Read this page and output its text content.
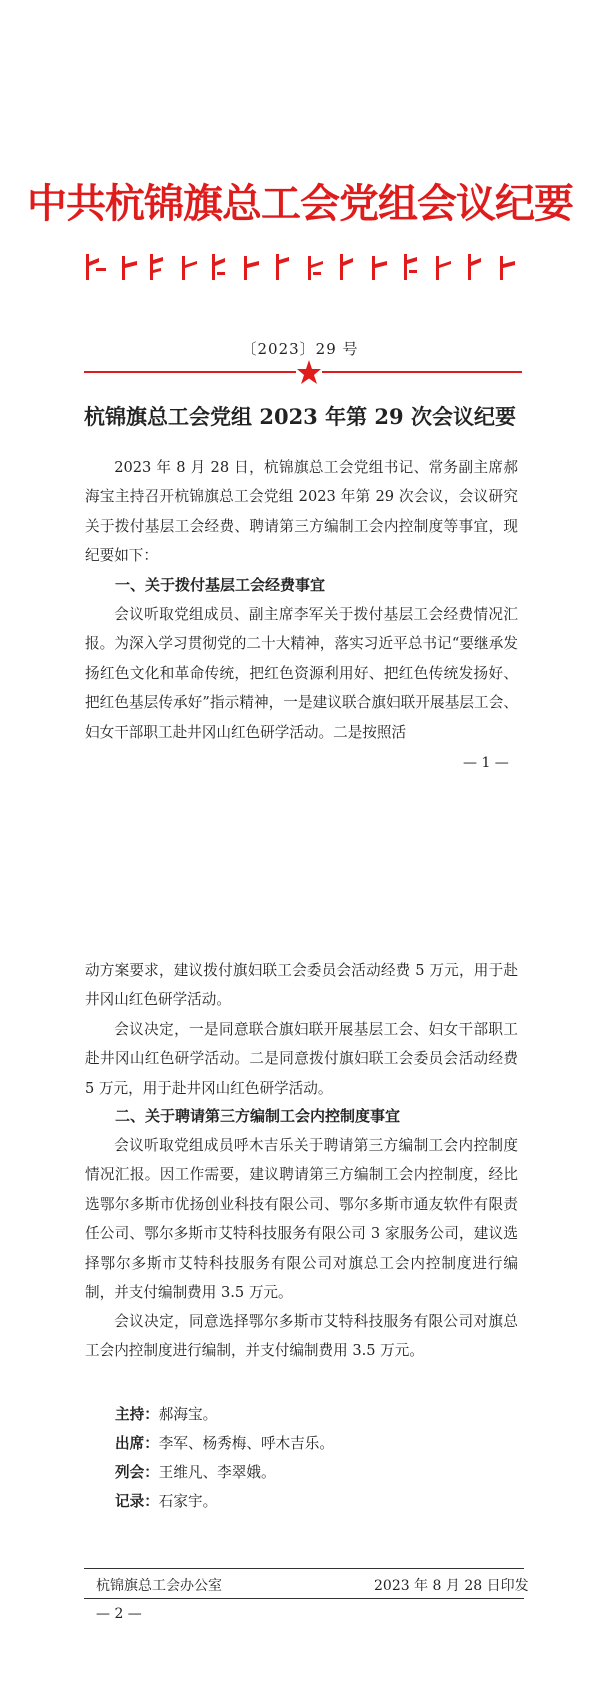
中共杭锦旗总工会党组会议纪要
〔2023〕29 号
杭锦旗总工会党组 2023 年第 29 次会议纪要

2023 年 8 月 28 日，杭锦旗总工会党组书记、常务副主席郝海宝主持召开杭锦旗总工会党组 2023 年第 29 次会议，会议研究关于拨付基层工会经费、聘请第三方编制工会内控制度等事宜，现纪要如下：

一、关于拨付基层工会经费事宜

会议听取党组成员、副主席李军关于拨付基层工会经费情况汇报。为深入学习贯彻党的二十大精神，落实习近平总书记“要继承发扬红色文化和革命传统，把红色资源利用好、把红色传统发扬好、把红色基层传承好”指示精神，一是建议联合旗妇联开展基层工会、妇女干部职工赴井冈山红色研学活动。二是按照活

— 1 —

动方案要求，建议拨付旗妇联工会委员会活动经费 5 万元，用于赴井冈山红色研学活动。

会议决定，一是同意联合旗妇联开展基层工会、妇女干部职工赴井冈山红色研学活动。二是同意拨付旗妇联工会委员会活动经费 5 万元，用于赴井冈山红色研学活动。

二、关于聘请第三方编制工会内控制度事宜

会议听取党组成员呼木吉乐关于聘请第三方编制工会内控制度情况汇报。因工作需要，建议聘请第三方编制工会内控制度，经比选鄂尔多斯市优扬创业科技有限公司、鄂尔多斯市通友软件有限责任公司、鄂尔多斯市艾特科技服务有限公司 3 家服务公司，建议选择鄂尔多斯市艾特科技服务有限公司对旗总工会内控制度进行编制，并支付编制费用 3.5 万元。

会议决定，同意选择鄂尔多斯市艾特科技服务有限公司对旗总工会内控制度进行编制，并支付编制费用 3.5 万元。

主持：郝海宝。
出席：李军、杨秀梅、呼木吉乐。
列会：王维凡、李翠娥。
记录：石家宇。
杭锦旗总工会办公室	2023 年 8 月 28 日印发
— 2 —
